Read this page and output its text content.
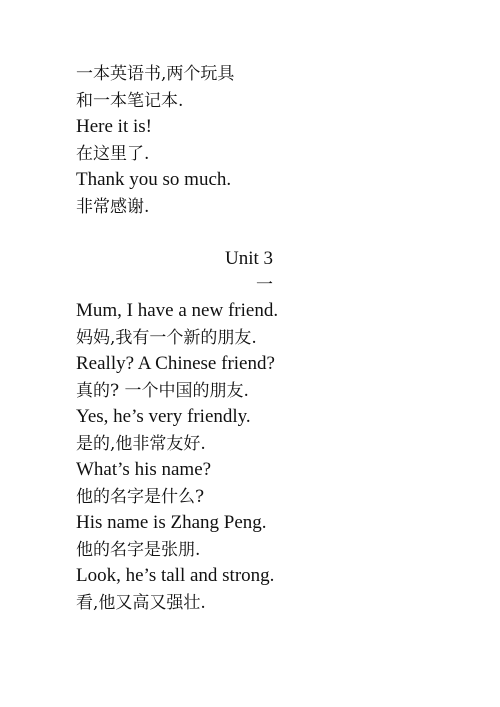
一本英语书,两个玩具
和一本笔记本.
Here it is!
在这里了.
Thank you so much.
非常感谢.
Unit 3
一
Mum, I have a new friend.
妈妈,我有一个新的朋友.
Really? A Chinese friend?
真的? 一个中国的朋友.
Yes, he’s very friendly.
是的,他非常友好.
What’s his name?
他的名字是什么?
His name is Zhang Peng.
他的名字是张朋.
Look, he’s tall and strong.
看,他又高又强壮.
